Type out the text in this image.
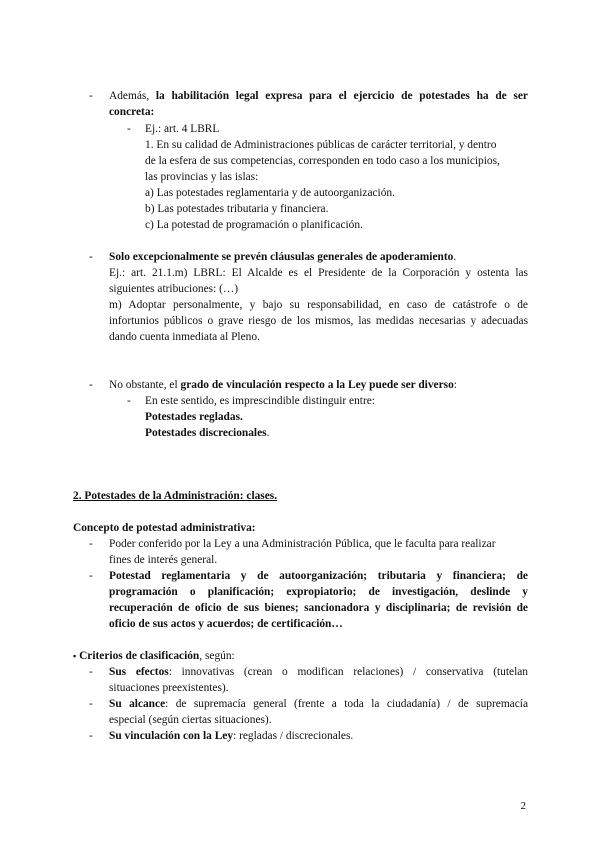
- Además, la habilitación legal expresa para el ejercicio de potestades ha de ser
concreta:
- Ej.: art. 4 LBRL
1. En su calidad de Administraciones públicas de carácter territorial, y dentro
de la esfera de sus competencias, corresponden en todo caso a los municipios,
las provincias y las islas:
a) Las potestades reglamentaria y de autoorganización.
b) Las potestades tributaria y financiera.
c) La potestad de programación o planificación.
- Solo excepcionalmente se prevén cláusulas generales de apoderamiento.
Ej.: art. 21.1.m) LBRL: El Alcalde es el Presidente de la Corporación y ostenta las
siguientes atribuciones: (…)
m) Adoptar personalmente, y bajo su responsabilidad, en caso de catástrofe o de
infortunios públicos o grave riesgo de los mismos, las medidas necesarias y adecuadas
dando cuenta inmediata al Pleno.
- No obstante, el grado de vinculación respecto a la Ley puede ser diverso:
- En este sentido, es imprescindible distinguir entre:
Potestades regladas.
Potestades discrecionales.
2. Potestades de la Administración: clases.
Concepto de potestad administrativa:
- Poder conferido por la Ley a una Administración Pública, que le faculta para realizar
fines de interés general.
- Potestad reglamentaria y de autoorganización; tributaria y financiera; de
programación o planificación; expropiatorio; de investigación, deslinde y
recuperación de oficio de sus bienes; sancionadora y disciplinaria; de revisión de
oficio de sus actos y acuerdos; de certificación…
▪ Criterios de clasificación, según:
- Sus efectos: innovativas (crean o modifican relaciones) / conservativa (tutelan
situaciones preexistentes).
- Su alcance: de supremacía general (frente a toda la ciudadanía) / de supremacía
especial (según ciertas situaciones).
- Su vinculación con la Ley: regladas / discrecionales.
2
